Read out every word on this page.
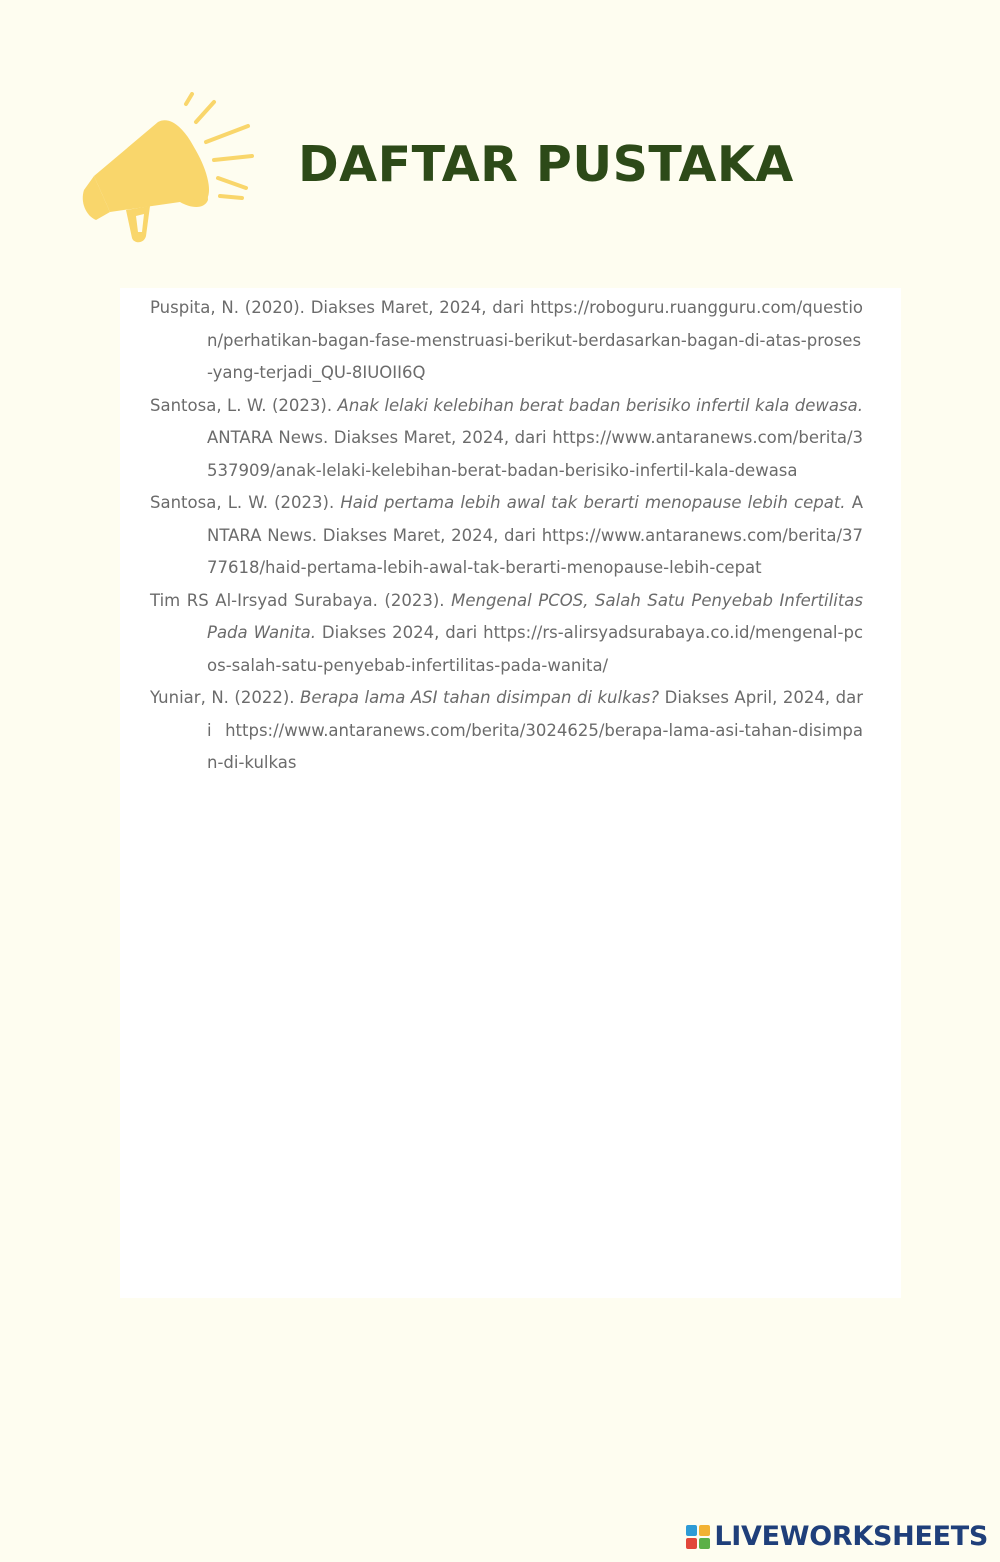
DAFTAR PUSTAKA

Puspita, N. (2020). Diakses Maret, 2024, dari https://roboguru.ruangguru.com/question/perhatikan-bagan-fase-menstruasi-berikut-berdasarkan-bagan-di-atas-proses-yang-terjadi_QU-8IUOII6Q

Santosa, L. W. (2023). Anak lelaki kelebihan berat badan berisiko infertil kala dewasa. ANTARA News. Diakses Maret, 2024, dari https://www.antaranews.com/berita/3537909/anak-lelaki-kelebihan-berat-badan-berisiko-infertil-kala-dewasa

Santosa, L. W. (2023). Haid pertama lebih awal tak berarti menopause lebih cepat. ANTARA News. Diakses Maret, 2024, dari https://www.antaranews.com/berita/3777618/haid-pertama-lebih-awal-tak-berarti-menopause-lebih-cepat

Tim RS Al-Irsyad Surabaya. (2023). Mengenal PCOS, Salah Satu Penyebab Infertilitas Pada Wanita. Diakses 2024, dari https://rs-alirsyadsurabaya.co.id/mengenal-pcos-salah-satu-penyebab-infertilitas-pada-wanita/

Yuniar, N. (2022). Berapa lama ASI tahan disimpan di kulkas? Diakses April, 2024, dari https://www.antaranews.com/berita/3024625/berapa-lama-asi-tahan-disimpan-di-kulkas

LIVEWORKSHEETS
